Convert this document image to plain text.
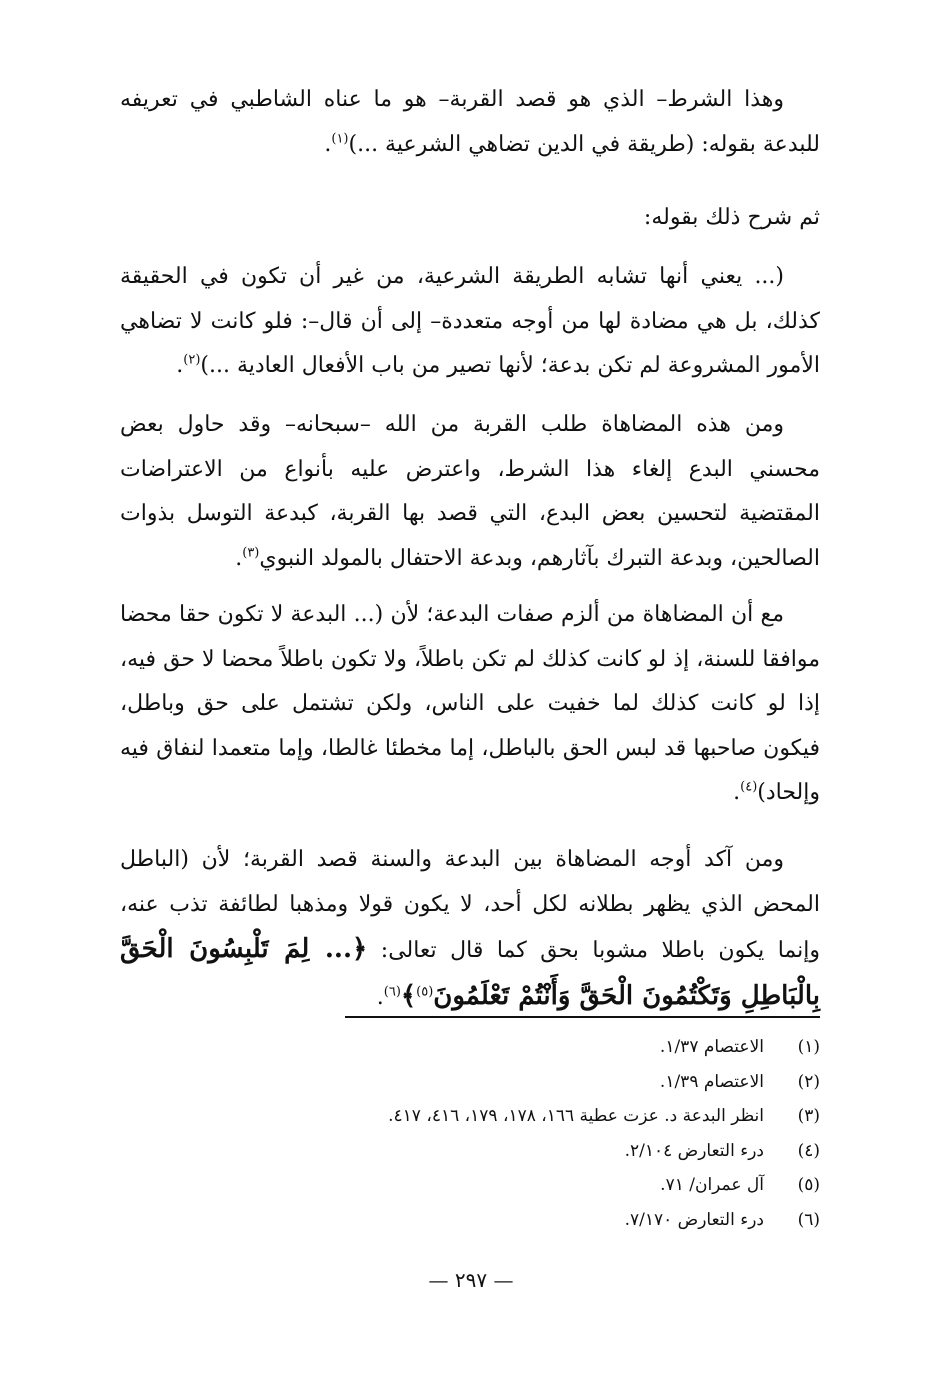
وهذا الشرط– الذي هو قصد القربة– هو ما عناه الشاطبي في تعريفه للبدعة بقوله: (طريقة في الدين تضاهي الشرعية ...)$^{(١)}$.

ثم شرح ذلك بقوله:

(... يعني أنها تشابه الطريقة الشرعية، من غير أن تكون في الحقيقة كذلك، بل هي مضادة لها من أوجه متعددة– إلى أن قال–: فلو كانت لا تضاهي الأمور المشروعة لم تكن بدعة؛ لأنها تصير من باب الأفعال العادية ...)$^{(٢)}$.

ومن هذه المضاهاة طلب القربة من الله –سبحانه– وقد حاول بعض محسني البدع إلغاء هذا الشرط، واعترض عليه بأنواع من الاعتراضات المقتضية لتحسين بعض البدع، التي قصد بها القربة، كبدعة التوسل بذوات الصالحين، وبدعة التبرك بآثارهم، وبدعة الاحتفال بالمولد النبوي$^{(٣)}$.

مع أن المضاهاة من ألزم صفات البدعة؛ لأن (... البدعة لا تكون حقا محضا موافقا للسنة، إذ لو كانت كذلك لم تكن باطلاً، ولا تكون باطلاً محضا لا حق فيه، إذا لو كانت كذلك لما خفيت على الناس، ولكن تشتمل على حق وباطل، فيكون صاحبها قد لبس الحق بالباطل، إما مخطئا غالطا، وإما متعمدا لنفاق فيه وإلحاد)$^{(٤)}$.

ومن آكد أوجه المضاهاة بين البدعة والسنة قصد القربة؛ لأن (الباطل المحض الذي يظهر بطلانه لكل أحد، لا يكون قولا ومذهبا لطائفة تذب عنه، وإنما يكون باطلا مشوبا بحق كما قال تعالى: ﴿... لِمَ تَلْبِسُونَ الْحَقَّ بِالْبَاطِلِ وَتَكْتُمُونَ الْحَقَّ وَأَنْتُمْ تَعْلَمُونَ$^{(٥)}$﴾$^{(٦)}$.

(١)الاعتصام ١/٣٧.
(٢)الاعتصام ١/٣٩.
(٣)انظر البدعة د. عزت عطية ١٦٦، ١٧٨، ١٧٩، ٤١٦، ٤١٧.
(٤)درء التعارض ٢/١٠٤.
(٥)آل عمران/ ٧١.
(٦)درء التعارض ٧/١٧٠.
— ٢٩٧ —
